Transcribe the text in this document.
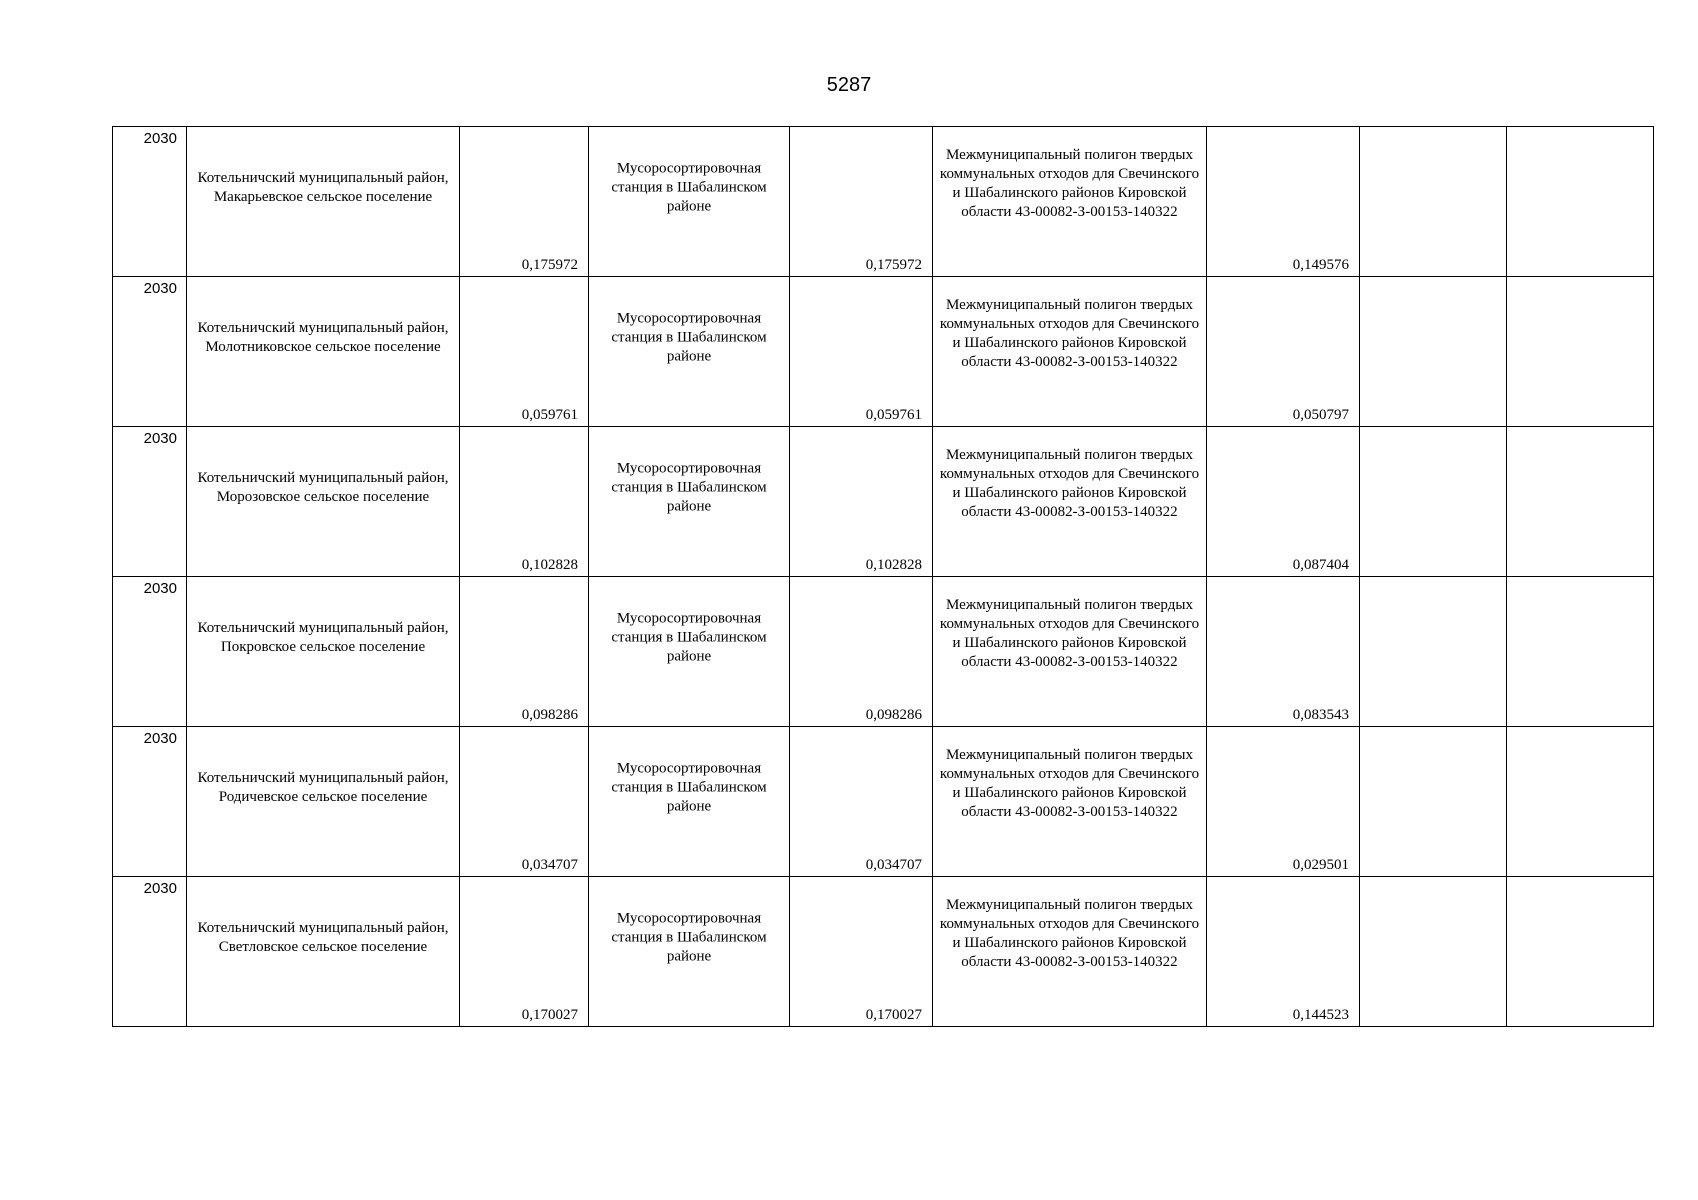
5287
2030	Котельничский муниципальный район, Макарьевское сельское поселение	0,175972	Мусоросортировочная станция в Шабалинском районе	0,175972	Межмуниципальный полигон твердых коммунальных отходов для Свечинского и Шабалинского районов Кировской области 43-00082-З-00153-140322	0,149576		

2030	Котельничский муниципальный район, Молотниковское сельское поселение	0,059761	Мусоросортировочная станция в Шабалинском районе	0,059761	Межмуниципальный полигон твердых коммунальных отходов для Свечинского и Шабалинского районов Кировской области 43-00082-З-00153-140322	0,050797		

2030	Котельничский муниципальный район, Морозовское сельское поселение	0,102828	Мусоросортировочная станция в Шабалинском районе	0,102828	Межмуниципальный полигон твердых коммунальных отходов для Свечинского и Шабалинского районов Кировской области 43-00082-З-00153-140322	0,087404		

2030	Котельничский муниципальный район, Покровское сельское поселение	0,098286	Мусоросортировочная станция в Шабалинском районе	0,098286	Межмуниципальный полигон твердых коммунальных отходов для Свечинского и Шабалинского районов Кировской области 43-00082-З-00153-140322	0,083543		

2030	Котельничский муниципальный район, Родичевское сельское поселение	0,034707	Мусоросортировочная станция в Шабалинском районе	0,034707	Межмуниципальный полигон твердых коммунальных отходов для Свечинского и Шабалинского районов Кировской области 43-00082-З-00153-140322	0,029501		

2030	Котельничский муниципальный район, Светловское сельское поселение	0,170027	Мусоросортировочная станция в Шабалинском районе	0,170027	Межмуниципальный полигон твердых коммунальных отходов для Свечинского и Шабалинского районов Кировской области 43-00082-З-00153-140322	0,144523		
